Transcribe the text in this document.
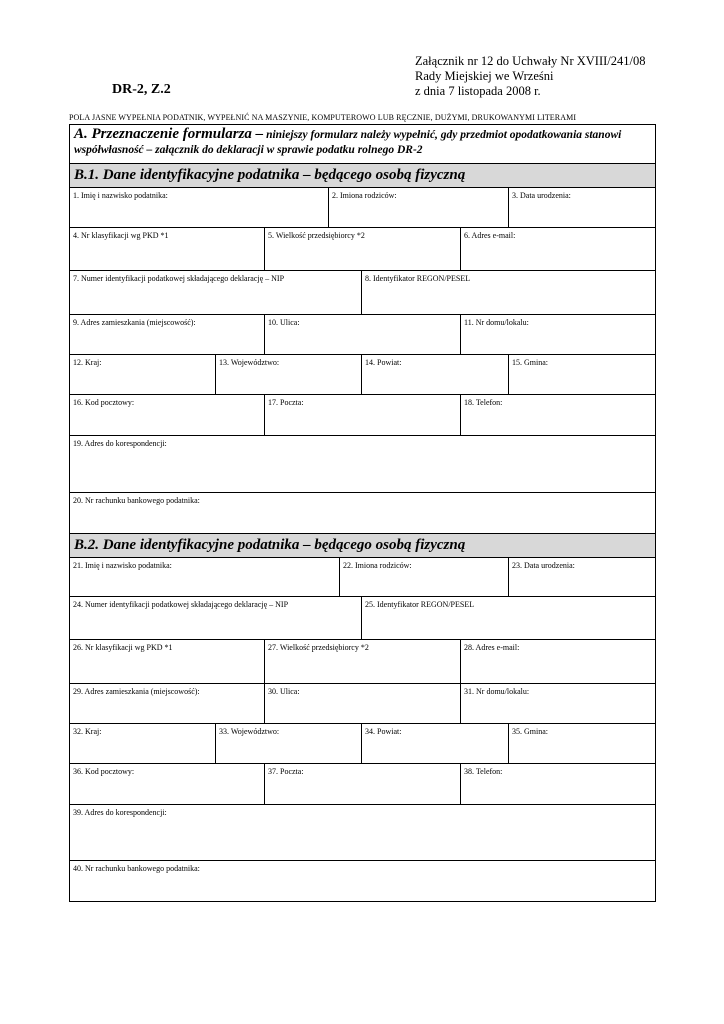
Załącznik nr 12 do Uchwały Nr XVIII/241/08
Rady Miejskiej we Wrześni
z dnia 7 listopada 2008 r.
DR-2, Z.2
POLA JASNE WYPEŁNIA PODATNIK, WYPEŁNIĆ NA MASZYNIE, KOMPUTEROWO LUB RĘCZNIE, DUŻYMI, DRUKOWANYMI LITERAMI
A. Przeznaczenie formularza – niniejszy formularz należy wypełnić, gdy przedmiot opodatkowania stanowi współwłasność – załącznik do deklaracji w sprawie podatku rolnego DR-2
B.1. Dane identyfikacyjne podatnika – będącego osobą fizyczną
1. Imię i nazwisko podatnika:	2. Imiona rodziców:	3. Data urodzenia:
4. Nr klasyfikacji wg PKD *1	5. Wielkość przedsiębiorcy *2	6. Adres e-mail:
7. Numer identyfikacji podatkowej składającego deklarację – NIP	8. Identyfikator REGON/PESEL
9. Adres zamieszkania (miejscowość):	10. Ulica:	11. Nr domu/lokalu:
12. Kraj:	13. Województwo:	14. Powiat:	15. Gmina:
16. Kod pocztowy:	17. Poczta:	18. Telefon:
19. Adres do korespondencji:
20. Nr rachunku bankowego podatnika:
B.2. Dane identyfikacyjne podatnika – będącego osobą fizyczną
21. Imię i nazwisko podatnika:	22. Imiona rodziców:	23. Data urodzenia:
24. Numer identyfikacji podatkowej składającego deklarację – NIP	25. Identyfikator REGON/PESEL
26. Nr klasyfikacji wg PKD *1	27. Wielkość przedsiębiorcy *2	28. Adres e-mail:
29. Adres zamieszkania (miejscowość):	30. Ulica:	31. Nr domu/lokalu:
32. Kraj:	33. Województwo:	34. Powiat:	35. Gmina:
36. Kod pocztowy:	37. Poczta:	38. Telefon:
39. Adres do korespondencji:
40. Nr rachunku bankowego podatnika:
